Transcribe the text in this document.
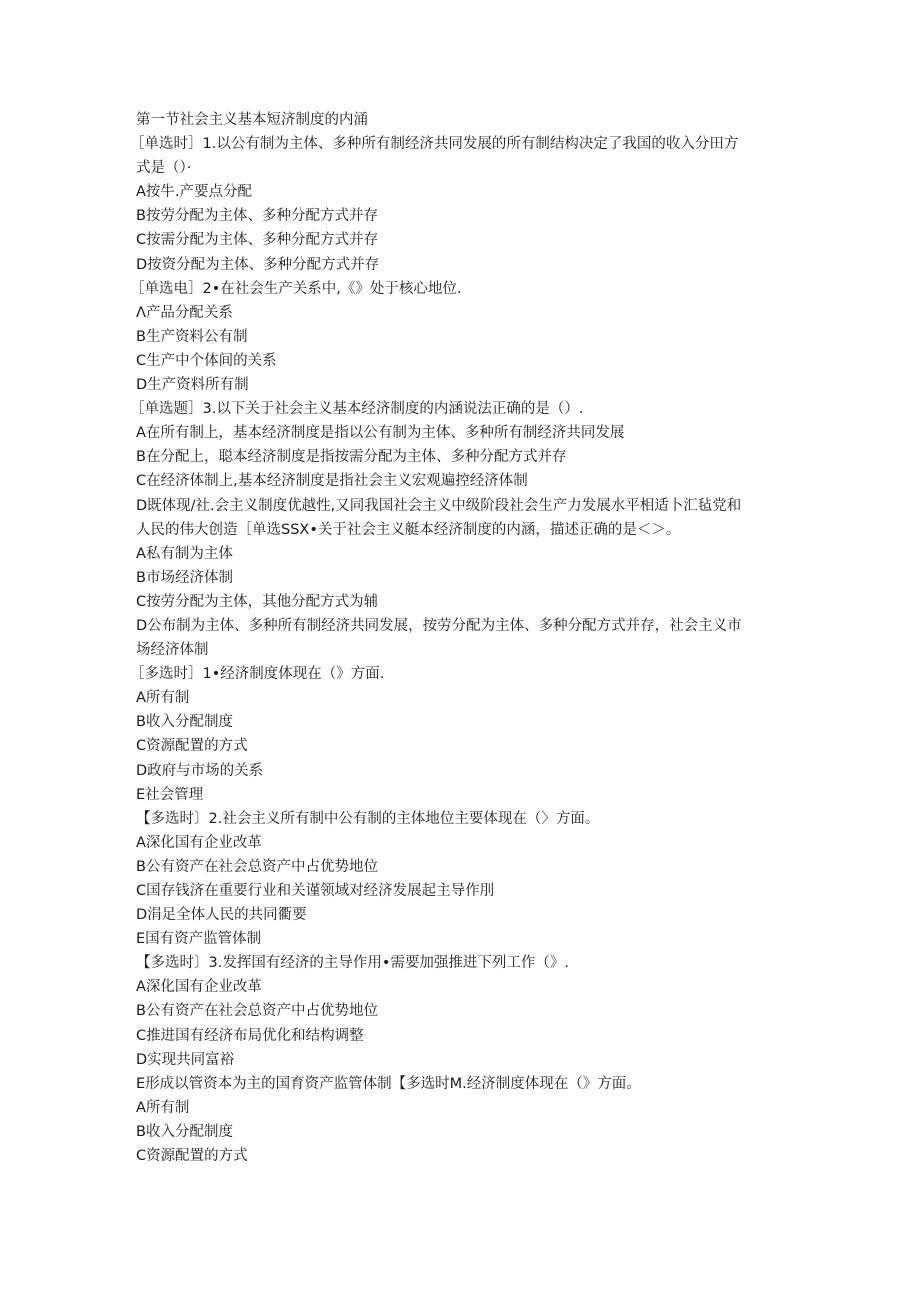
第一节社会主义基本短济制度的内涌
［单选时］1.以公有制为主体、多种所有制经济共同发展的所有制结构决定了我国的收入分田方
式是（）·
A按牛.产要点分配
B按劳分配为主体、多种分配方式并存
C按需分配为主体、多种分配方式并存
D按资分配为主体、多种分配方式并存
［单选电］2•在社会生产关系中,《》处于核心地位.
Λ产品分配关系
B生产资料公有制
C生产中个体间的关系
D生产资料所有制
［单选题］3.以下关于社会主义基本经济制度的内涵说法正确的是（）.
A在所有制上，基本经济制度是指以公有制为主体、多种所有制经济共同发展
B在分配上，聪本经济制度是指按需分配为主体、多种分配方式并存
C在经济体制上,基本经济制度是指社会主义宏观遍控经济体制
D既体现/社.会主义制度优越性,又同我国社会主义中级阶段社会生产力发展水平相适卜汇毡党和
人民的伟大创造［单选SSX•关于社会主义艇本经济制度的内涵，描述正确的是＜＞。
A私有制为主体
B市场经济体制
C按劳分配为主体，其他分配方式为辅
D公布制为主体、多种所有制经济共同发展，按劳分配为主体、多种分配方式并存，社会主义市
场经济体制
［多选时］1•经济制度体现在（》方面.
A所有制
B收入分配制度
C资源配置的方式
D政府与市场的关系
E社会管理
【多选时〕2.社会主义所有制中公有制的主体地位主要体现在（〉方面。
A深化国有企业改革
B公有资产在社会总资产中占优势地位
C国存钱济在重要行业和关谨领域对经济发展起主导作刖
D涓足全体人民的共同衢要
E国有资产监管体制
【多选时〕3.发挥国有经济的主导作用•需要加强推进下列工作（》.
A深化国有企业改革
B公有资产在社会总资产中占优势地位
C推进国有经济布局优化和结构调整
D实现共同富裕
E形成以管资本为主的国育资产监管体制【多选时M.经济制度体现在（》方面。
A所有制
B收入分配制度
C资源配置的方式
